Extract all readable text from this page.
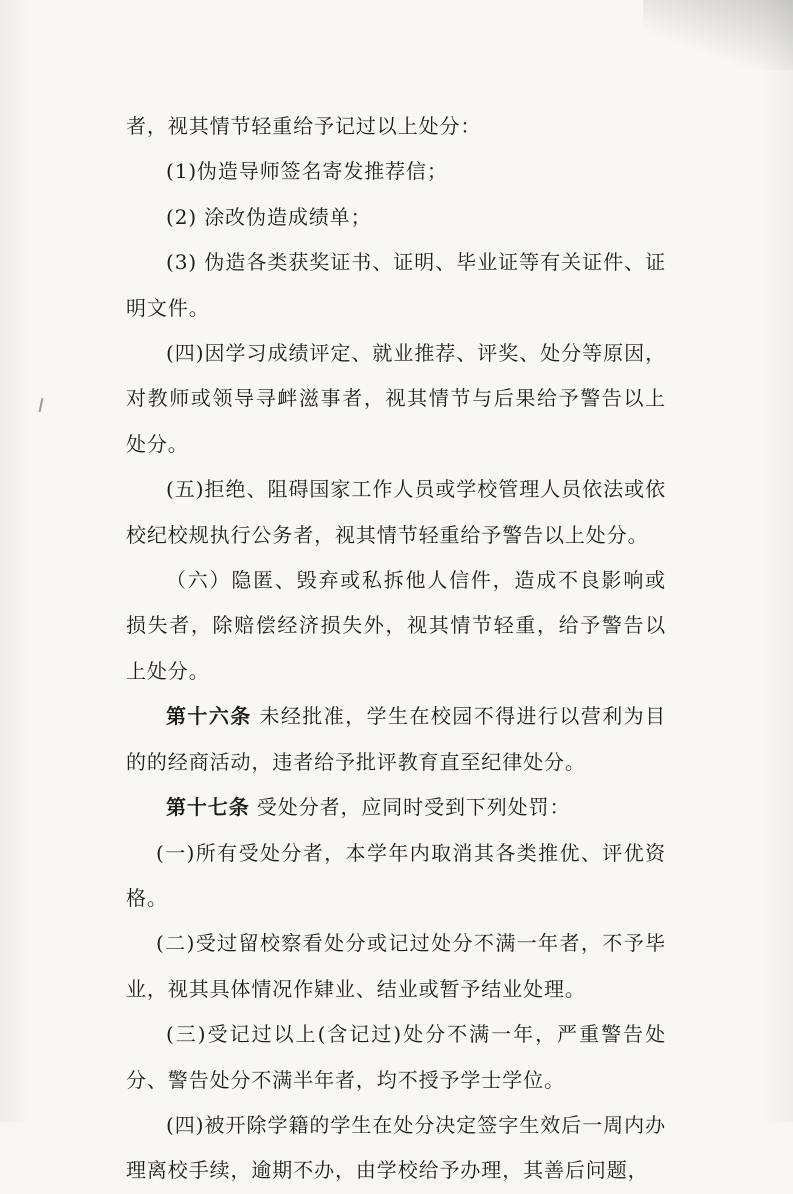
者，视其情节轻重给予记过以上处分：

(1)伪造导师签名寄发推荐信；

(2) 涂改伪造成绩单；

(3) 伪造各类获奖证书、证明、毕业证等有关证件、证明文件。

(四)因学习成绩评定、就业推荐、评奖、处分等原因，对教师或领导寻衅滋事者，视其情节与后果给予警告以上处分。

(五)拒绝、阻碍国家工作人员或学校管理人员依法或依校纪校规执行公务者，视其情节轻重给予警告以上处分。

（六）隐匿、毁弃或私拆他人信件，造成不良影响或损失者，除赔偿经济损失外，视其情节轻重，给予警告以上处分。

第十六条 未经批准，学生在校园不得进行以营利为目的的经商活动，违者给予批评教育直至纪律处分。

第十七条 受处分者，应同时受到下列处罚：

(一)所有受处分者，本学年内取消其各类推优、评优资格。

(二)受过留校察看处分或记过处分不满一年者，不予毕业，视其具体情况作肄业、结业或暂予结业处理。

(三)受记过以上(含记过)处分不满一年，严重警告处分、警告处分不满半年者，均不授予学士学位。

(四)被开除学籍的学生在处分决定签字生效后一周内办理离校手续，逾期不办，由学校给予办理，其善后问题，
